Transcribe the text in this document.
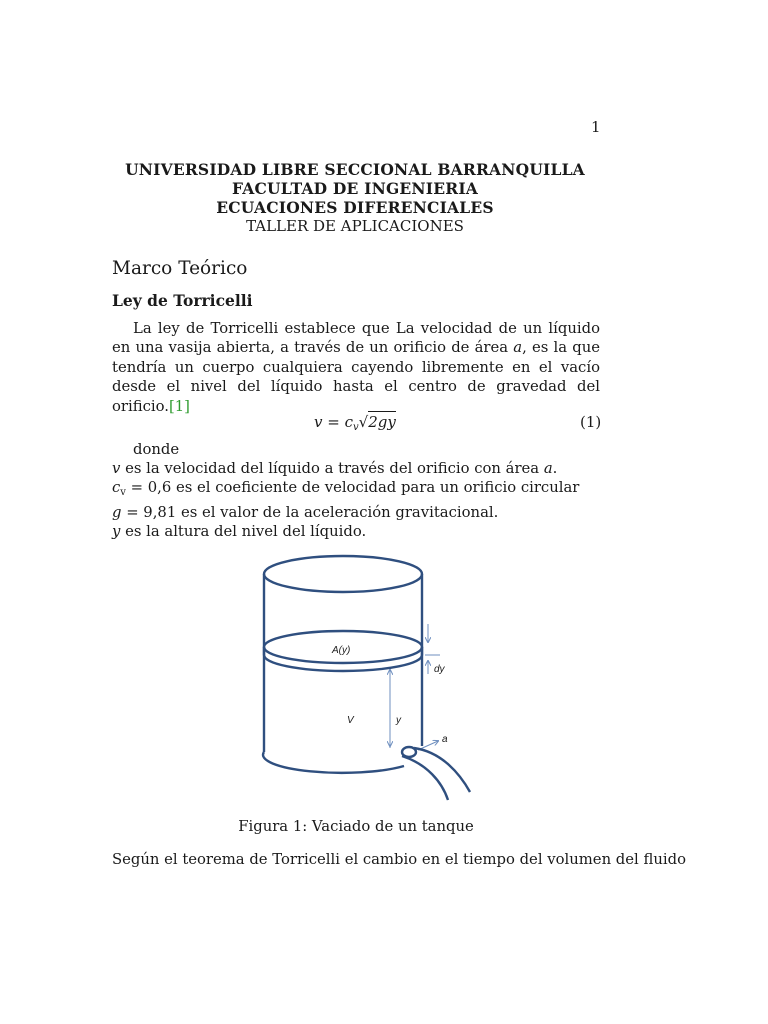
1
UNIVERSIDAD LIBRE SECCIONAL BARRANQUILLA
FACULTAD DE INGENIERIA
ECUACIONES DIFERENCIALES
TALLER DE APLICACIONES
Marco Teórico
Ley de Torricelli
La ley de Torricelli establece que La velocidad de un líquido en una vasija abierta, a través de un orificio de área a, es la que tendría un cuerpo cualquiera cayendo libremente en el vacío desde el nivel del líquido hasta el centro de gravedad del orificio.[1]
$v = c_v√2gy$	(1)
donde
v es la velocidad del líquido a través del orificio con área a.
$c_v = 0,6$ es el coeficiente de velocidad para un orificio circular
g = 9,81 es el valor de la aceleración gravitacional.
y es la altura del nivel del líquido.
A(y)
dy
V	y
a
Figura 1: Vaciado de un tanque
Según el teorema de Torricelli el cambio en el tiempo del volumen del fluido
